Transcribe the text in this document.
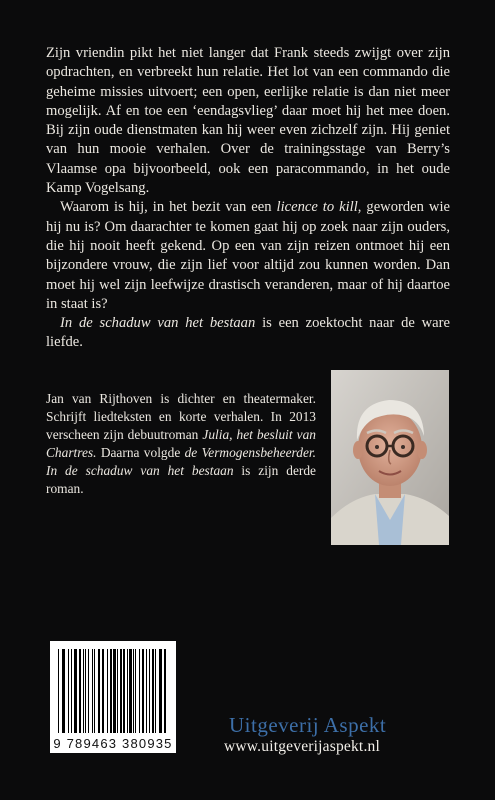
Zijn vriendin pikt het niet langer dat Frank steeds zwijgt over zijn opdrachten, en verbreekt hun relatie. Het lot van een commando die geheime missies uitvoert; een open, eerlijke relatie is dan niet meer mogelijk. Af en toe een ‘eendagsvlieg’ daar moet hij het mee doen. Bij zijn oude dienstmaten kan hij weer even zichzelf zijn. Hij geniet van hun mooie verhalen. Over de trainingsstage van Berry’s Vlaamse opa bijvoorbeeld, ook een paracommando, in het oude Kamp Vogelsang.

Waarom is hij, in het bezit van een licence to kill, geworden wie hij nu is? Om daarachter te komen gaat hij op zoek naar zijn ouders, die hij nooit heeft gekend. Op een van zijn reizen ontmoet hij een bijzondere vrouw, die zijn lief voor altijd zou kunnen worden. Dan moet hij wel zijn leefwijze drastisch veranderen, maar of hij daartoe in staat is?

In de schaduw van het bestaan is een zoektocht naar de ware liefde.

Jan van Rijthoven is dichter en theatermaker. Schrijft liedteksten en korte verhalen. In 2013 verscheen zijn debuutroman Julia, het besluit van Chartres. Daarna volgde de Vermogensbeheerder. In de schaduw van het bestaan is zijn derde roman.

9 789463 380935
Uitgeverij Aspekt
www.uitgeverijaspekt.nl
